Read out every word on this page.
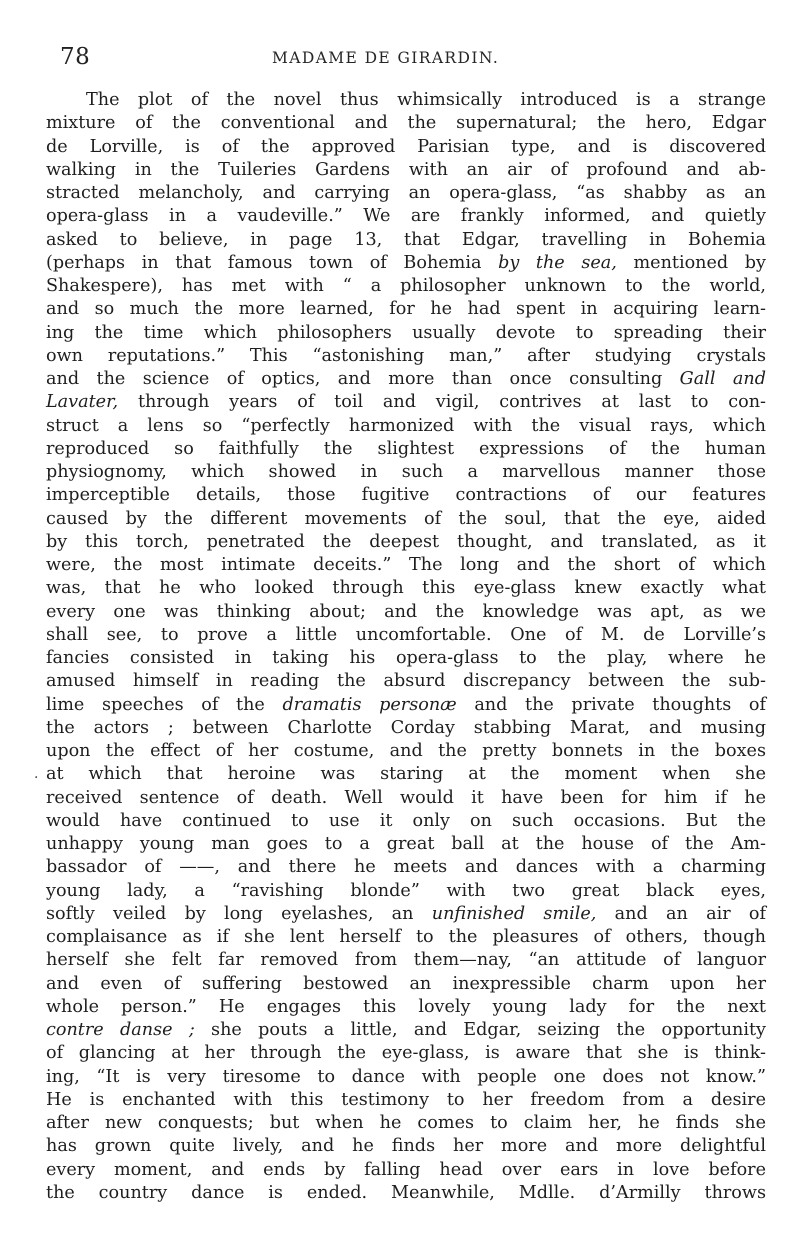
78	MADAME DE GIRARDIN.
·
The plot of the novel thus whimsically introduced is a strange
mixture of the conventional and the supernatural; the hero, Edgar
de Lorville, is of the approved Parisian type, and is discovered
walking in the Tuileries Gardens with an air of profound and ab-
stracted melancholy, and carrying an opera-glass, “as shabby as an
opera-glass in a vaudeville.” We are frankly informed, and quietly
asked to believe, in page 13, that Edgar, travelling in Bohemia
(perhaps in that famous town of Bohemia by the sea, mentioned by
Shakespere), has met with “ a philosopher unknown to the world,
and so much the more learned, for he had spent in acquiring learn-
ing the time which philosophers usually devote to spreading their
own reputations.” This “astonishing man,” after studying crystals
and the science of optics, and more than once consulting Gall and
Lavater, through years of toil and vigil, contrives at last to con-
struct a lens so “perfectly harmonized with the visual rays, which
reproduced so faithfully the slightest expressions of the human
physiognomy, which showed in such a marvellous manner those
imperceptible details, those fugitive contractions of our features
caused by the different movements of the soul, that the eye, aided
by this torch, penetrated the deepest thought, and translated, as it
were, the most intimate deceits.” The long and the short of which
was, that he who looked through this eye-glass knew exactly what
every one was thinking about; and the knowledge was apt, as we
shall see, to prove a little uncomfortable. One of M. de Lorville’s
fancies consisted in taking his opera-glass to the play, where he
amused himself in reading the absurd discrepancy between the sub-
lime speeches of the dramatis personæ and the private thoughts of
the actors ; between Charlotte Corday stabbing Marat, and musing
upon the effect of her costume, and the pretty bonnets in the boxes
at which that heroine was staring at the moment when she
received sentence of death. Well would it have been for him if he
would have continued to use it only on such occasions. But the
unhappy young man goes to a great ball at the house of the Am-
bassador of ——, and there he meets and dances with a charming
young lady, a “ravishing blonde” with two great black eyes,
softly veiled by long eyelashes, an unfinished smile, and an air of
complaisance as if she lent herself to the pleasures of others, though
herself she felt far removed from them—nay, “an attitude of languor
and even of suffering bestowed an inexpressible charm upon her
whole person.” He engages this lovely young lady for the next
contre danse ; she pouts a little, and Edgar, seizing the opportunity
of glancing at her through the eye-glass, is aware that she is think-
ing, “It is very tiresome to dance with people one does not know.”
He is enchanted with this testimony to her freedom from a desire
after new conquests; but when he comes to claim her, he finds she
has grown quite lively, and he finds her more and more delightful
every moment, and ends by falling head over ears in love before
the country dance is ended. Meanwhile, Mdlle. d’Armilly throws
